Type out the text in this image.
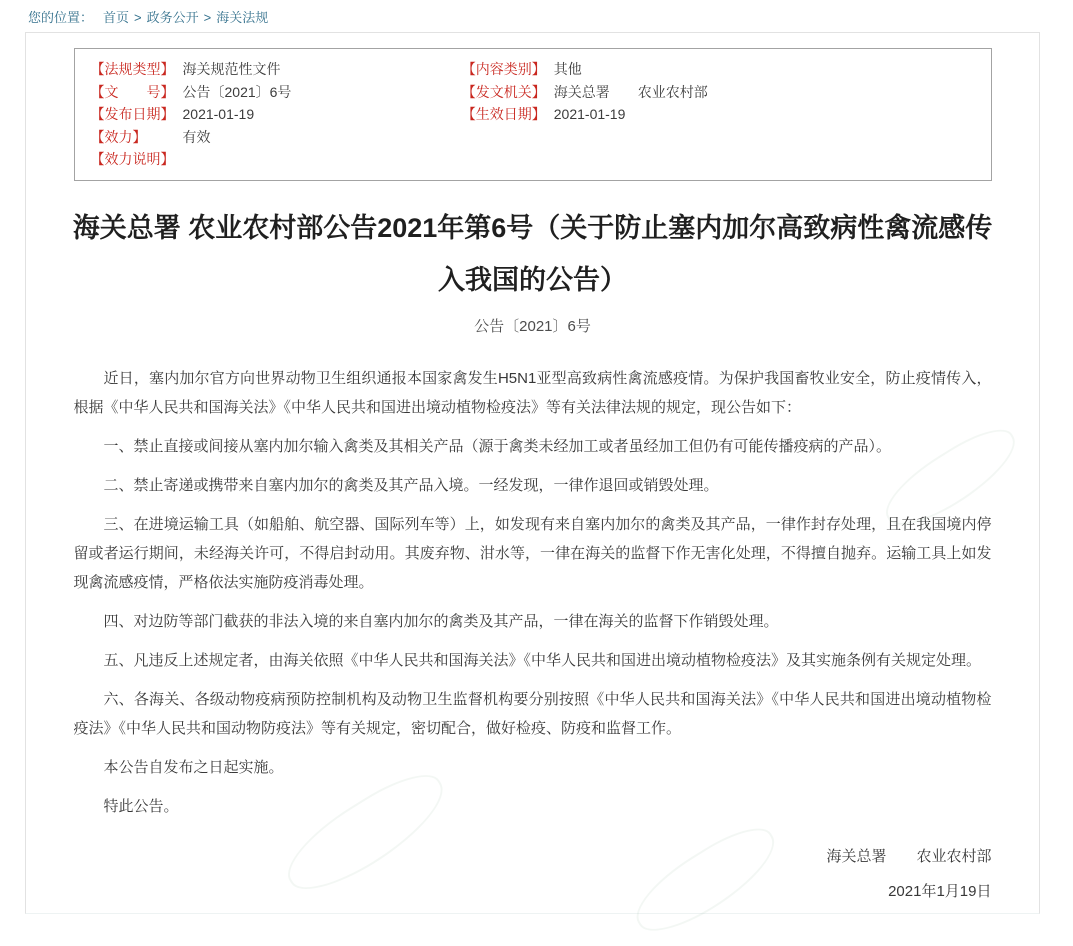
您的位置： 首页 > 政务公开 > 海关法规
【法规类型】 海关规范性文件
【文　　号】 公告〔2021〕6号
【发布日期】 2021-01-19
【效力】	有效
【效力说明】
【内容类别】 其他
【发文机关】 海关总署　　农业农村部
【生效日期】 2021-01-19
海关总署 农业农村部公告2021年第6号（关于防止塞内加尔高致病性禽流感传入我国的公告）
公告〔2021〕6号

近日，塞内加尔官方向世界动物卫生组织通报本国家禽发生H5N1亚型高致病性禽流感疫情。为保护我国畜牧业安全，防止疫情传入，根据《中华人民共和国海关法》《中华人民共和国进出境动植物检疫法》等有关法律法规的规定，现公告如下：

一、禁止直接或间接从塞内加尔输入禽类及其相关产品（源于禽类未经加工或者虽经加工但仍有可能传播疫病的产品）。

二、禁止寄递或携带来自塞内加尔的禽类及其产品入境。一经发现，一律作退回或销毁处理。

三、在进境运输工具（如船舶、航空器、国际列车等）上，如发现有来自塞内加尔的禽类及其产品，一律作封存处理，且在我国境内停留或者运行期间，未经海关许可，不得启封动用。其废弃物、泔水等，一律在海关的监督下作无害化处理，不得擅自抛弃。运输工具上如发现禽流感疫情，严格依法实施防疫消毒处理。

四、对边防等部门截获的非法入境的来自塞内加尔的禽类及其产品，一律在海关的监督下作销毁处理。

五、凡违反上述规定者，由海关依照《中华人民共和国海关法》《中华人民共和国进出境动植物检疫法》及其实施条例有关规定处理。

六、各海关、各级动物疫病预防控制机构及动物卫生监督机构要分别按照《中华人民共和国海关法》《中华人民共和国进出境动植物检疫法》《中华人民共和国动物防疫法》等有关规定，密切配合，做好检疫、防疫和监督工作。

本公告自发布之日起实施。

特此公告。

海关总署　　农业农村部
2021年1月19日
